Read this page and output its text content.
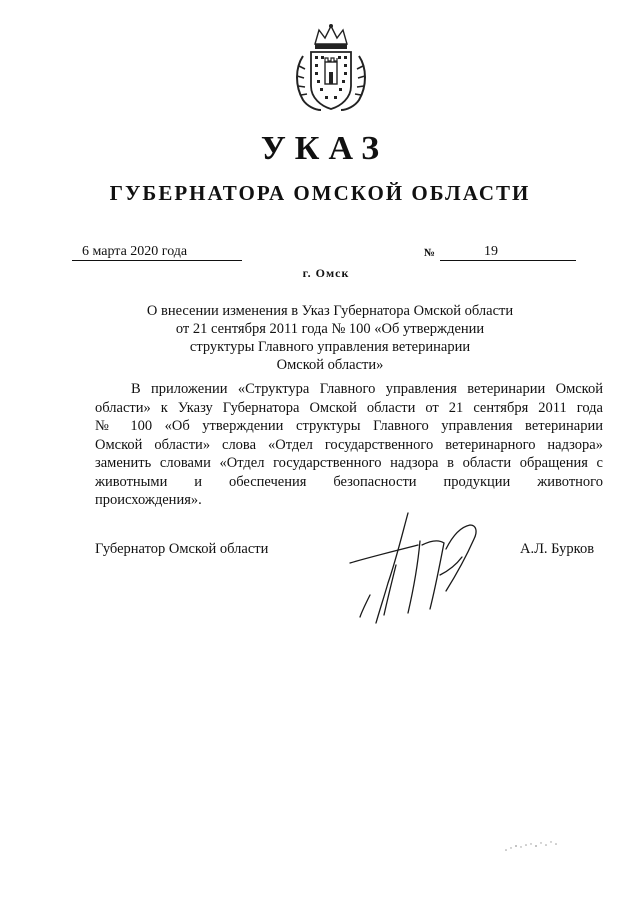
УКАЗ
ГУБЕРНАТОРА ОМСКОЙ ОБЛАСТИ
6 марта 2020 года	№	19
г. Омск
О внесении изменения в Указ Губернатора Омской области
от 21 сентября 2011 года № 100 «Об утверждении
структуры Главного управления ветеринарии
Омской области»
В приложении «Структура Главного управления ветеринарии Омской
области» к Указу Губернатора Омской области от 21 сентября 2011 года
№ 100 «Об утверждении структуры Главного управления ветеринарии
Омской области» слова «Отдел государственного ветеринарного надзора»
заменить словами «Отдел государственного надзора в области обращения с
животными и обеспечения безопасности продукции животного
происхождения».
Губернатор Омской области	А.Л. Бурков
